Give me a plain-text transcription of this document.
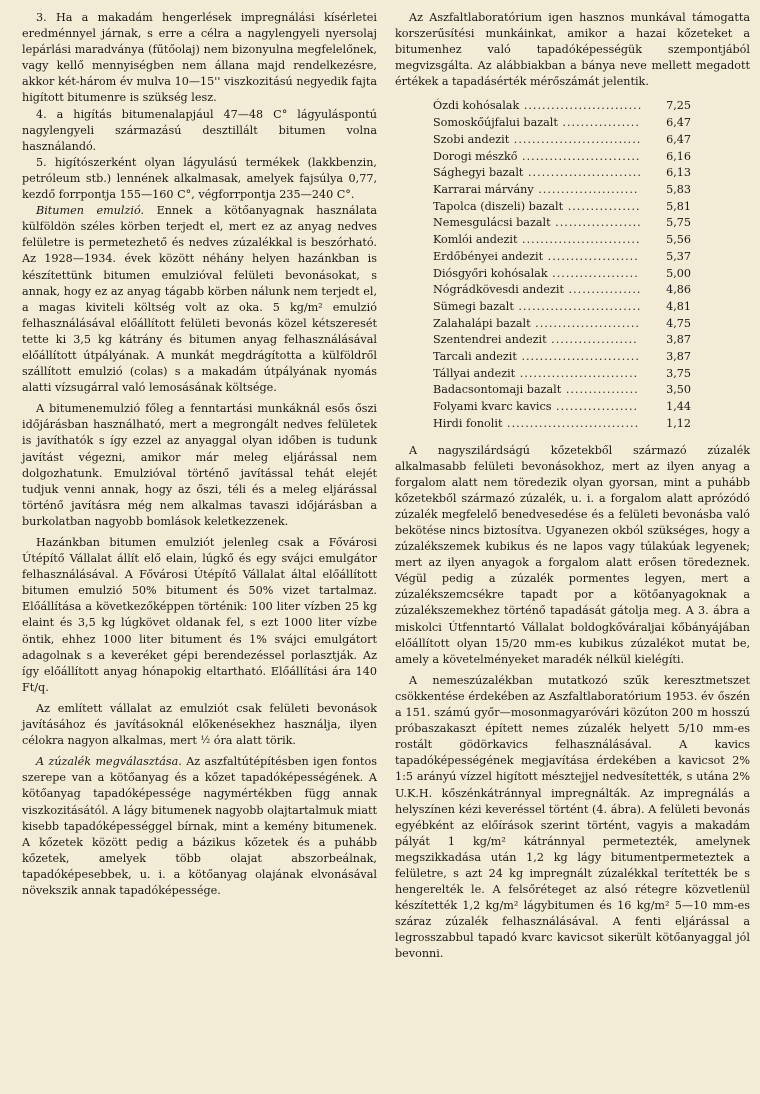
3. Ha a makadám hengerlések impregnálási kísérletei eredménnyel járnak, s erre a célra a nagylengyeli nyersolaj lepárlási maradványa (fűtőolaj) nem bizonyulna megfelelőnek, vagy kellő mennyiségben nem állana majd rendelkezésre, akkor két-három év mulva 10—15'' viszkozitású negyedik fajta higított bitumenre is szükség lesz.

4. a higítás bitumenalapjául 47—48 C° lágyuláspontú nagylengyeli származású desztillált bitumen volna használandó.

5. higítószerként olyan lágyulású termékek (lakkbenzin, petróleum stb.) lennének alkalmasak, amelyek fajsúlya 0,77, kezdő forrpontja 155—160 C°, végforrpontja 235—240 C°.

Bitumen emulzió. Ennek a kötőanyagnak használata külföldön széles körben terjedt el, mert ez az anyag nedves felületre is permetezhető és nedves zúzalékkal is beszórható. Az 1928—1934. évek között néhány helyen hazánkban is készítettünk bitumen emulzióval felületi bevonásokat, s annak, hogy ez az anyag tágabb körben nálunk nem terjedt el, a magas kiviteli költség volt az oka. 5 kg/m² emulzió felhasználásával előállított felületi bevonás közel kétszeresét tette ki 3,5 kg kátrány és bitumen anyag felhasználásával előállított útpályának. A munkát megdrágította a külföldről szállított emulzió (colas) s a makadám útpályának nyomás alatti vízsugárral való lemosásának költsége.

A bitumenemulzió főleg a fenntartási munkáknál esős őszi időjárásban használható, mert a megrongált nedves felületek is javíthatók s így ezzel az anyaggal olyan időben is tudunk javítást végezni, amikor már meleg eljárással nem dolgozhatunk. Emulzióval történő javítással tehát elejét tudjuk venni annak, hogy az őszi, téli és a meleg eljárással történő javításra még nem alkalmas tavaszi időjárásban a burkolatban nagyobb bomlások keletkezzenek.

Hazánkban bitumen emulziót jelenleg csak a Fővárosi Útépítő Vállalat állít elő elain, lúgkő és egy svájci emulgátor felhasználásával. A Fővárosi Útépítő Vállalat által előállított bitumen emulzió 50% bitument és 50% vizet tartalmaz. Előállítása a következőképpen történik: 100 liter vízben 25 kg elaint és 3,5 kg lúgkövet oldanak fel, s ezt 1000 liter vízbe öntik, ehhez 1000 liter bitument és 1% svájci emulgátort adagolnak s a keveréket gépi berendezéssel porlasztják. Az így előállított anyag hónapokig eltartható. Előállítási ára 140 Ft/q.

Az említett vállalat az emulziót csak felületi bevonások javításához és javításoknál előkenésekhez használja, ilyen célokra nagyon alkalmas, mert ½ óra alatt törik.

A zúzalék megválasztása. Az aszfaltútépítésben igen fontos szerepe van a kötőanyag és a kőzet tapadóképességének. A kötőanyag tapadóképessége nagymértékben függ annak viszkozitásától. A lágy bitumenek nagyobb olajtartalmuk miatt kisebb tapadóképességgel bírnak, mint a kemény bitumenek. A kőzetek között pedig a bázikus kőzetek és a puhább kőzetek, amelyek több olajat abszorbeálnak, tapadóképesebbek, u. i. a kötőanyag olajának elvonásával növekszik annak tapadóképessége.

Az Aszfaltlaboratórium igen hasznos munkával támogatta korszerűsítési munkáinkat, amikor a hazai kőzeteket a bitumenhez való tapadóképességük szempontjából megvizsgálta. Az alábbiakban a bánya neve mellett megadott értékek a tapadásérték mérőszámát jelentik.

Ózdi kohósalak ..........................	7,25
Somoskőújfalui bazalt .................	6,47
Szobi andezit ............................	6,47
Dorogi mészkő ..........................	6,16
Sághegyi bazalt .........................	6,13
Karrarai márvány ......................	5,83
Tapolca (diszeli) bazalt ................	5,81
Nemesgulácsi bazalt ...................	5,75
Komlói andezit ..........................	5,56
Erdőbényei andezit ....................	5,37
Diósgyőri kohósalak ...................	5,00
Nógrádkövesdi andezit ................	4,86
Sümegi bazalt ...........................	4,81
Zalahalápi bazalt .......................	4,75
Szentendrei andezit ...................	3,87
Tarcali andezit ..........................	3,87
Tállyai andezit ..........................	3,75
Badacsontomaji bazalt ................	3,50
Folyami kvarc kavics ..................	1,44
Hirdi fonolit .............................	1,12

A nagyszilárdságú kőzetekből származó zúzalék alkalmasabb felületi bevonásokhoz, mert az ilyen anyag a forgalom alatt nem töredezik olyan gyorsan, mint a puhább kőzetekből származó zúzalék, u. i. a forgalom alatt aprózódó zúzalék megfelelő benedvesedése és a felületi bevonásba való bekötése nincs biztosítva. Ugyanezen okból szükséges, hogy a zúzalékszemek kubikus és ne lapos vagy túlakúak legyenek; mert az ilyen anyagok a forgalom alatt erősen töredeznek. Végül pedig a zúzalék pormentes legyen, mert a zúzalékszemcsékre tapadt por a kötőanyagoknak a zúzalékszemekhez történő tapadását gátolja meg. A 3. ábra a miskolci Útfenntartó Vállalat boldogkőváraljai kőbányájában előállított olyan 15/20 mm-es kubikus zúzalékot mutat be, amely a követelményeket maradék nélkül kielégíti.

A nemeszúzalékban mutatkozó szűk keresztmetszet csökkentése érdekében az Aszfaltlaboratórium 1953. év őszén a 151. számú győr—mosonmagyaróvári közúton 200 m hosszú próbaszakaszt épített nemes zúzalék helyett 5/10 mm-es rostált gödörkavics felhasználásával. A kavics tapadóképességének megjavítása érdekében a kavicsot 2% 1:5 arányú vízzel higított mésztejjel nedvesítették, s utána 2% U.K.H. kőszénkátránnyal impregnálták. Az impregnálás a helyszínen kézi keveréssel történt (4. ábra). A felületi bevonás egyébként az előírások szerint történt, vagyis a makadám pályát 1 kg/m² kátránnyal permetezték, amelynek megszikkadása után 1,2 kg lágy bitumentpermeteztek a felületre, s azt 24 kg impregnált zúzalékkal terítették be s hengerelték le. A felsőréteget az alsó rétegre közvetlenül készítették 1,2 kg/m² lágybitumen és 16 kg/m² 5—10 mm-es száraz zúzalék felhasználásával. A fenti eljárással a legrosszabbul tapadó kvarc kavicsot sikerült kötőanyaggal jól bevonni.
